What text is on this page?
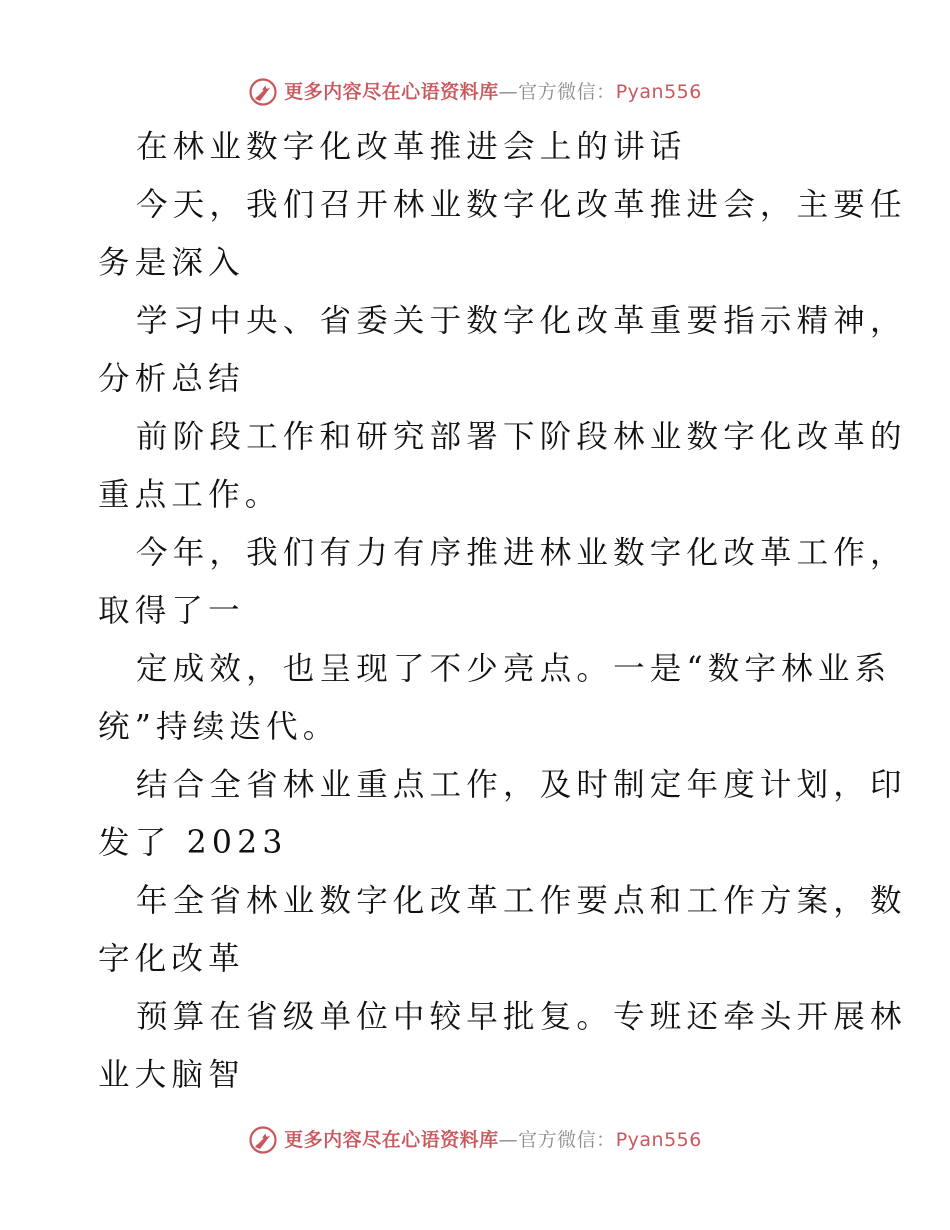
更多内容尽在心语资料库—官方微信：Pyan556
在林业数字化改革推进会上的讲话
今天，我们召开林业数字化改革推进会，主要任
务是深入
学习中央、省委关于数字化改革重要指示精神，
分析总结
前阶段工作和研究部署下阶段林业数字化改革的
重点工作。
今年，我们有力有序推进林业数字化改革工作，
取得了一
定成效，也呈现了不少亮点。一是“数字林业系
统”持续迭代。
结合全省林业重点工作，及时制定年度计划，印
发了 2023
年全省林业数字化改革工作要点和工作方案，数
字化改革
预算在省级单位中较早批复。专班还牵头开展林
业大脑智
更多内容尽在心语资料库—官方微信：Pyan556
